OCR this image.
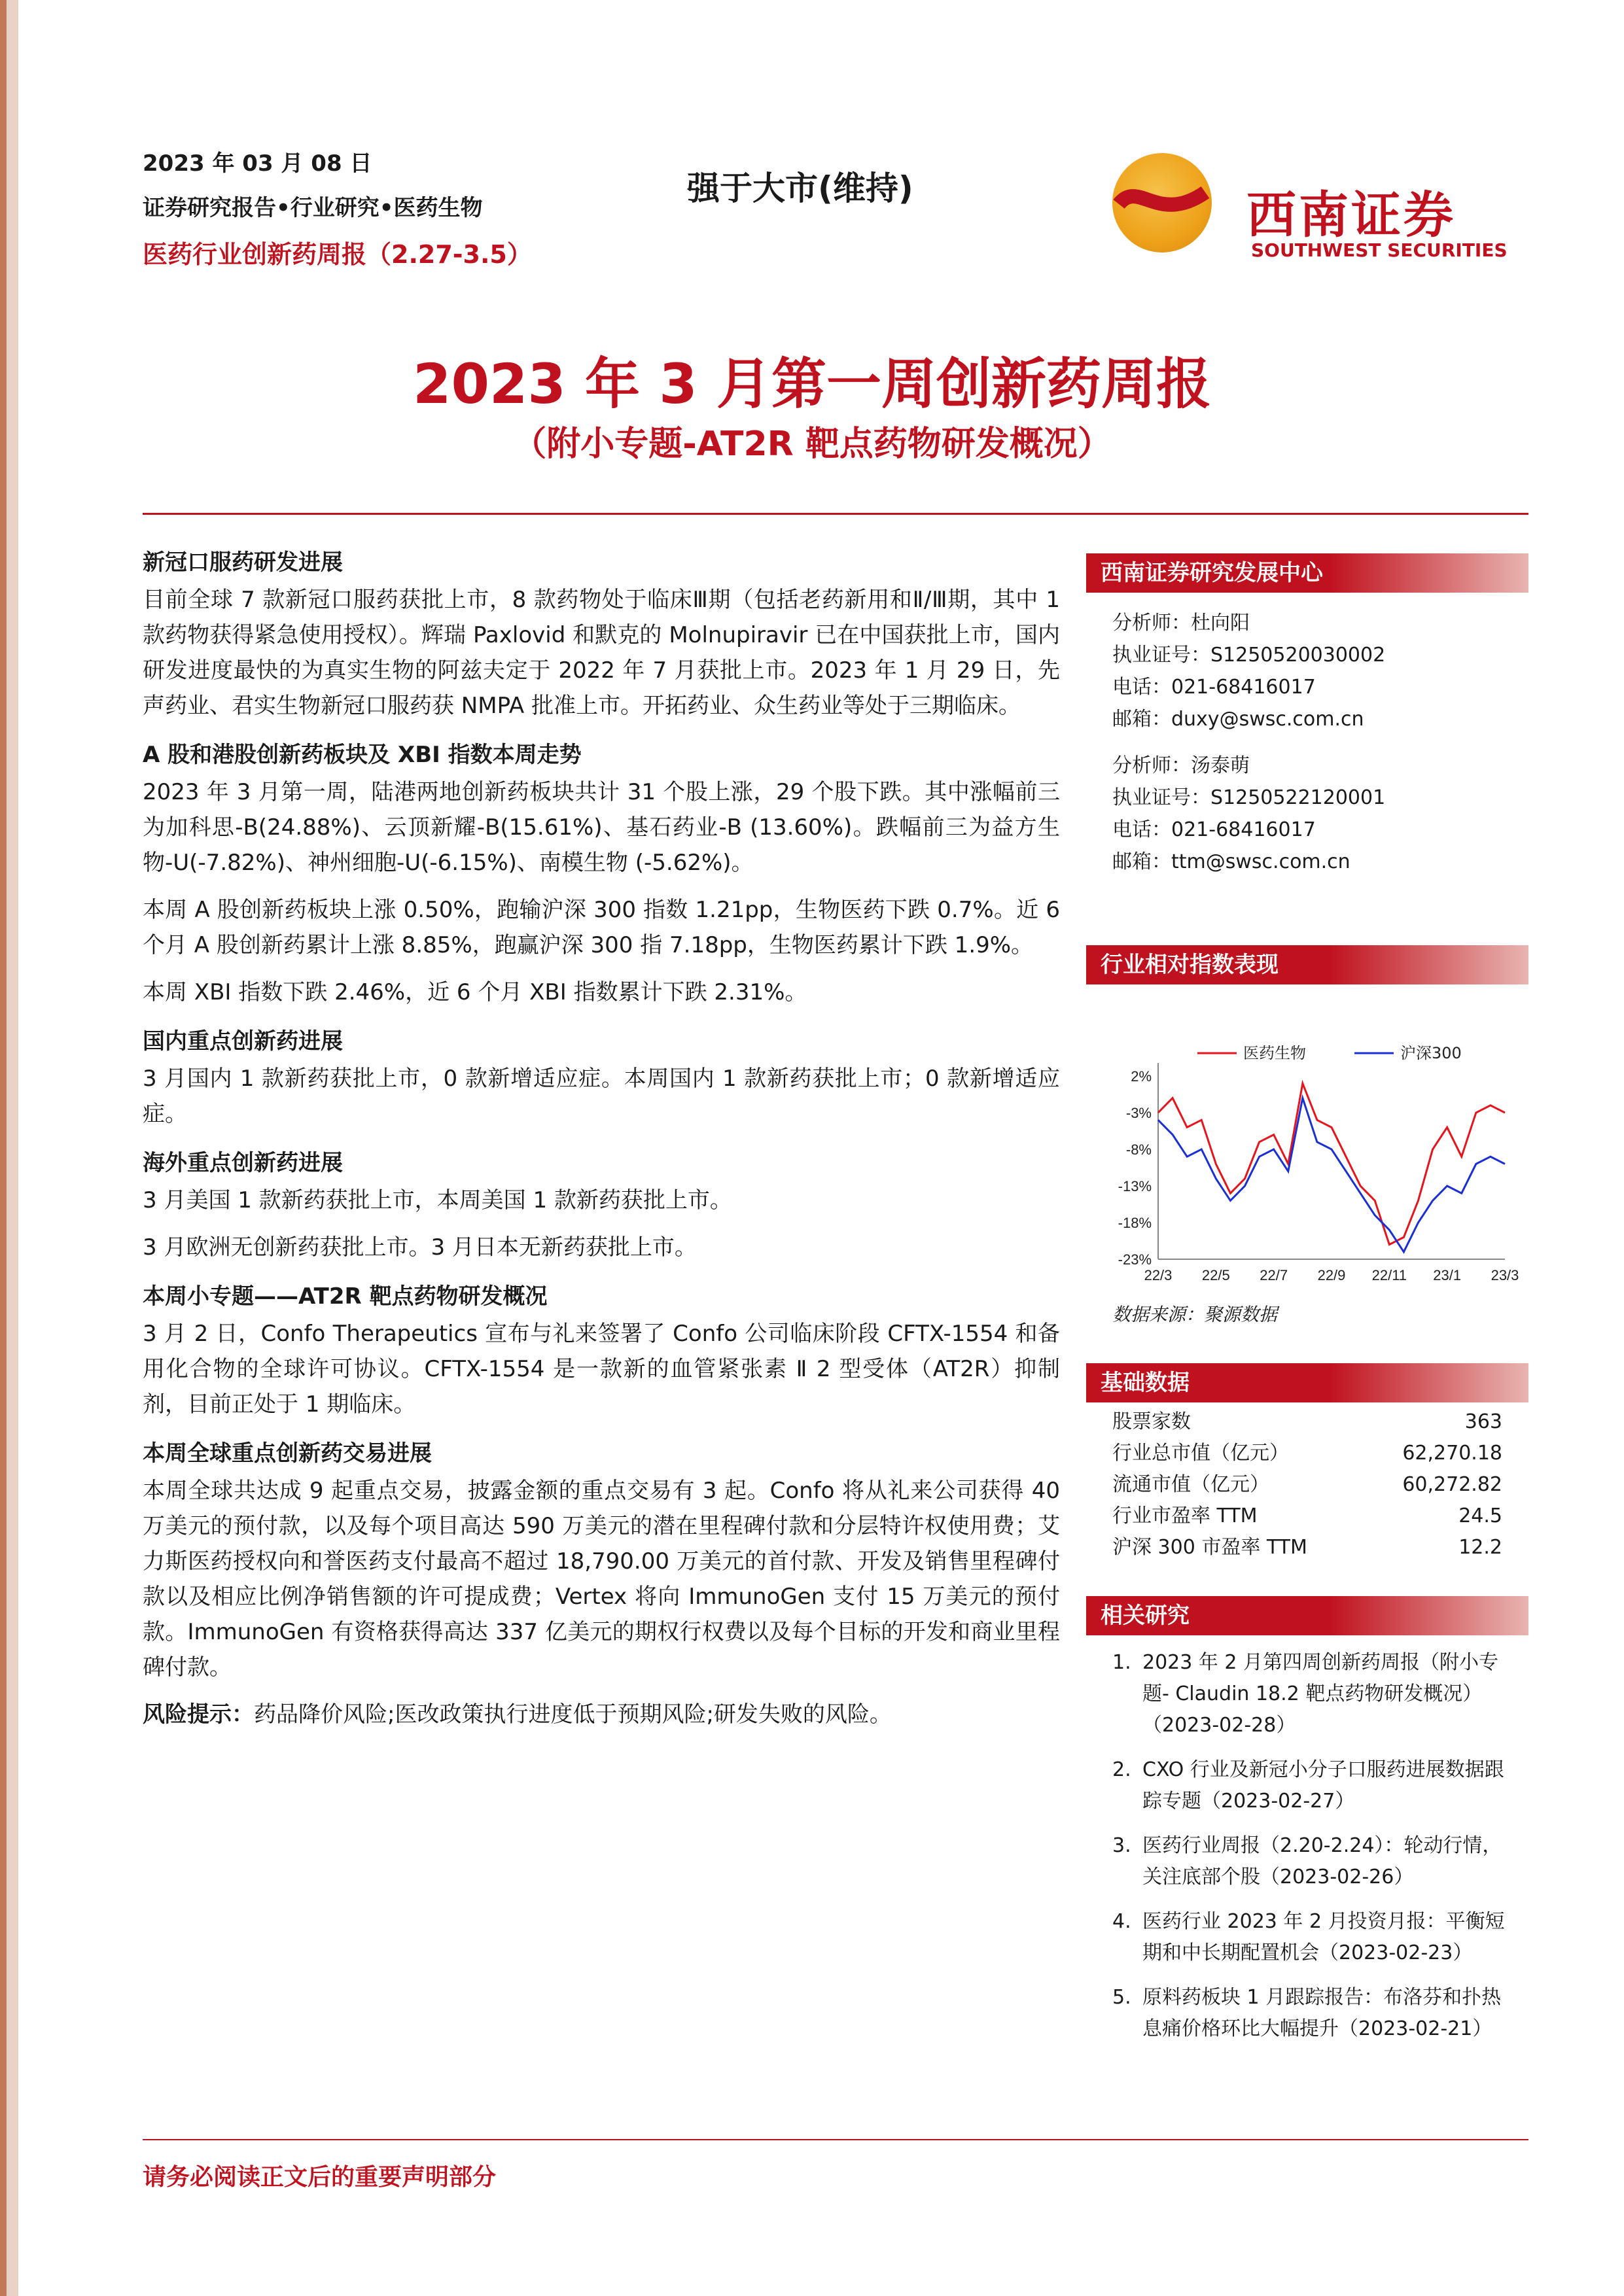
2023 年 03 月 08 日
证券研究报告•行业研究•医药生物
医药行业创新药周报（2.27-3.5）
强于大市(维持)	西南证券
SOUTHWEST SECURITIES
2023 年 3 月第一周创新药周报
（附小专题-AT2R 靶点药物研发概况）
新冠口服药研发进展

目前全球 7 款新冠口服药获批上市，8 款药物处于临床Ⅲ期（包括老药新用和Ⅱ/Ⅲ期，其中 1 款药物获得紧急使用授权）。辉瑞 Paxlovid 和默克的 Molnupiravir 已在中国获批上市，国内研发进度最快的为真实生物的阿兹夫定于 2022 年 7 月获批上市。2023 年 1 月 29 日，先声药业、君实生物新冠口服药获 NMPA 批准上市。开拓药业、众生药业等处于三期临床。

A 股和港股创新药板块及 XBI 指数本周走势

2023 年 3 月第一周，陆港两地创新药板块共计 31 个股上涨，29 个股下跌。其中涨幅前三为加科思-B(24.88%)、云顶新耀-B(15.61%)、基石药业-B (13.60%)。跌幅前三为益方生物-U(-7.82%)、神州细胞-U(-6.15%)、南模生物 (-5.62%)。

本周 A 股创新药板块上涨 0.50%，跑输沪深 300 指数 1.21pp，生物医药下跌 0.7%。近 6 个月 A 股创新药累计上涨 8.85%，跑赢沪深 300 指 7.18pp，生物医药累计下跌 1.9%。

本周 XBI 指数下跌 2.46%，近 6 个月 XBI 指数累计下跌 2.31%。

国内重点创新药进展

3 月国内 1 款新药获批上市，0 款新增适应症。本周国内 1 款新药获批上市；0 款新增适应症。

海外重点创新药进展

3 月美国 1 款新药获批上市，本周美国 1 款新药获批上市。

3 月欧洲无创新药获批上市。3 月日本无新药获批上市。

本周小专题——AT2R 靶点药物研发概况

3 月 2 日，Confo Therapeutics 宣布与礼来签署了 Confo 公司临床阶段 CFTX-1554 和备用化合物的全球许可协议。CFTX-1554 是一款新的血管紧张素 Ⅱ 2 型受体（AT2R）抑制剂，目前正处于 1 期临床。

本周全球重点创新药交易进展

本周全球共达成 9 起重点交易，披露金额的重点交易有 3 起。Confo 将从礼来公司获得 40 万美元的预付款，以及每个项目高达 590 万美元的潜在里程碑付款和分层特许权使用费；艾力斯医药授权向和誉医药支付最高不超过 18,790.00 万美元的首付款、开发及销售里程碑付款以及相应比例净销售额的许可提成费；Vertex 将向 ImmunoGen 支付 15 万美元的预付款。ImmunoGen 有资格获得高达 337 亿美元的期权行权费以及每个目标的开发和商业里程碑付款。

风险提示：药品降价风险;医改政策执行进度低于预期风险;研发失败的风险。

西南证券研究发展中心
分析师：杜向阳
执业证号：S1250520030002
电话：021-68416017
邮箱：duxy@swsc.com.cn
分析师：汤泰萌
执业证号：S1250522120001
电话：021-68416017
邮箱：ttm@swsc.com.cn
行业相对指数表现
2%
-3%
-8%
-13%
-18%
-23%
22/3 22/5 22/7 22/9 22/11 23/1 23/3
医药生物	沪深300
数据来源：聚源数据
基础数据
股票家数	363
行业总市值（亿元）	62,270.18
流通市值（亿元）	60,272.82
行业市盈率 TTM	24.5
沪深 300 市盈率 TTM	12.2
相关研究
1. 2023 年 2 月第四周创新药周报（附小专题- Claudin 18.2 靶点药物研发概况）（2023-02-28）
2. CXO 行业及新冠小分子口服药进展数据跟踪专题（2023-02-27）
3. 医药行业周报（2.20-2.24）：轮动行情，关注底部个股（2023-02-26）
4. 医药行业 2023 年 2 月投资月报：平衡短期和中长期配置机会（2023-02-23）
5. 原料药板块 1 月跟踪报告：布洛芬和扑热息痛价格环比大幅提升（2023-02-21）
请务必阅读正文后的重要声明部分
